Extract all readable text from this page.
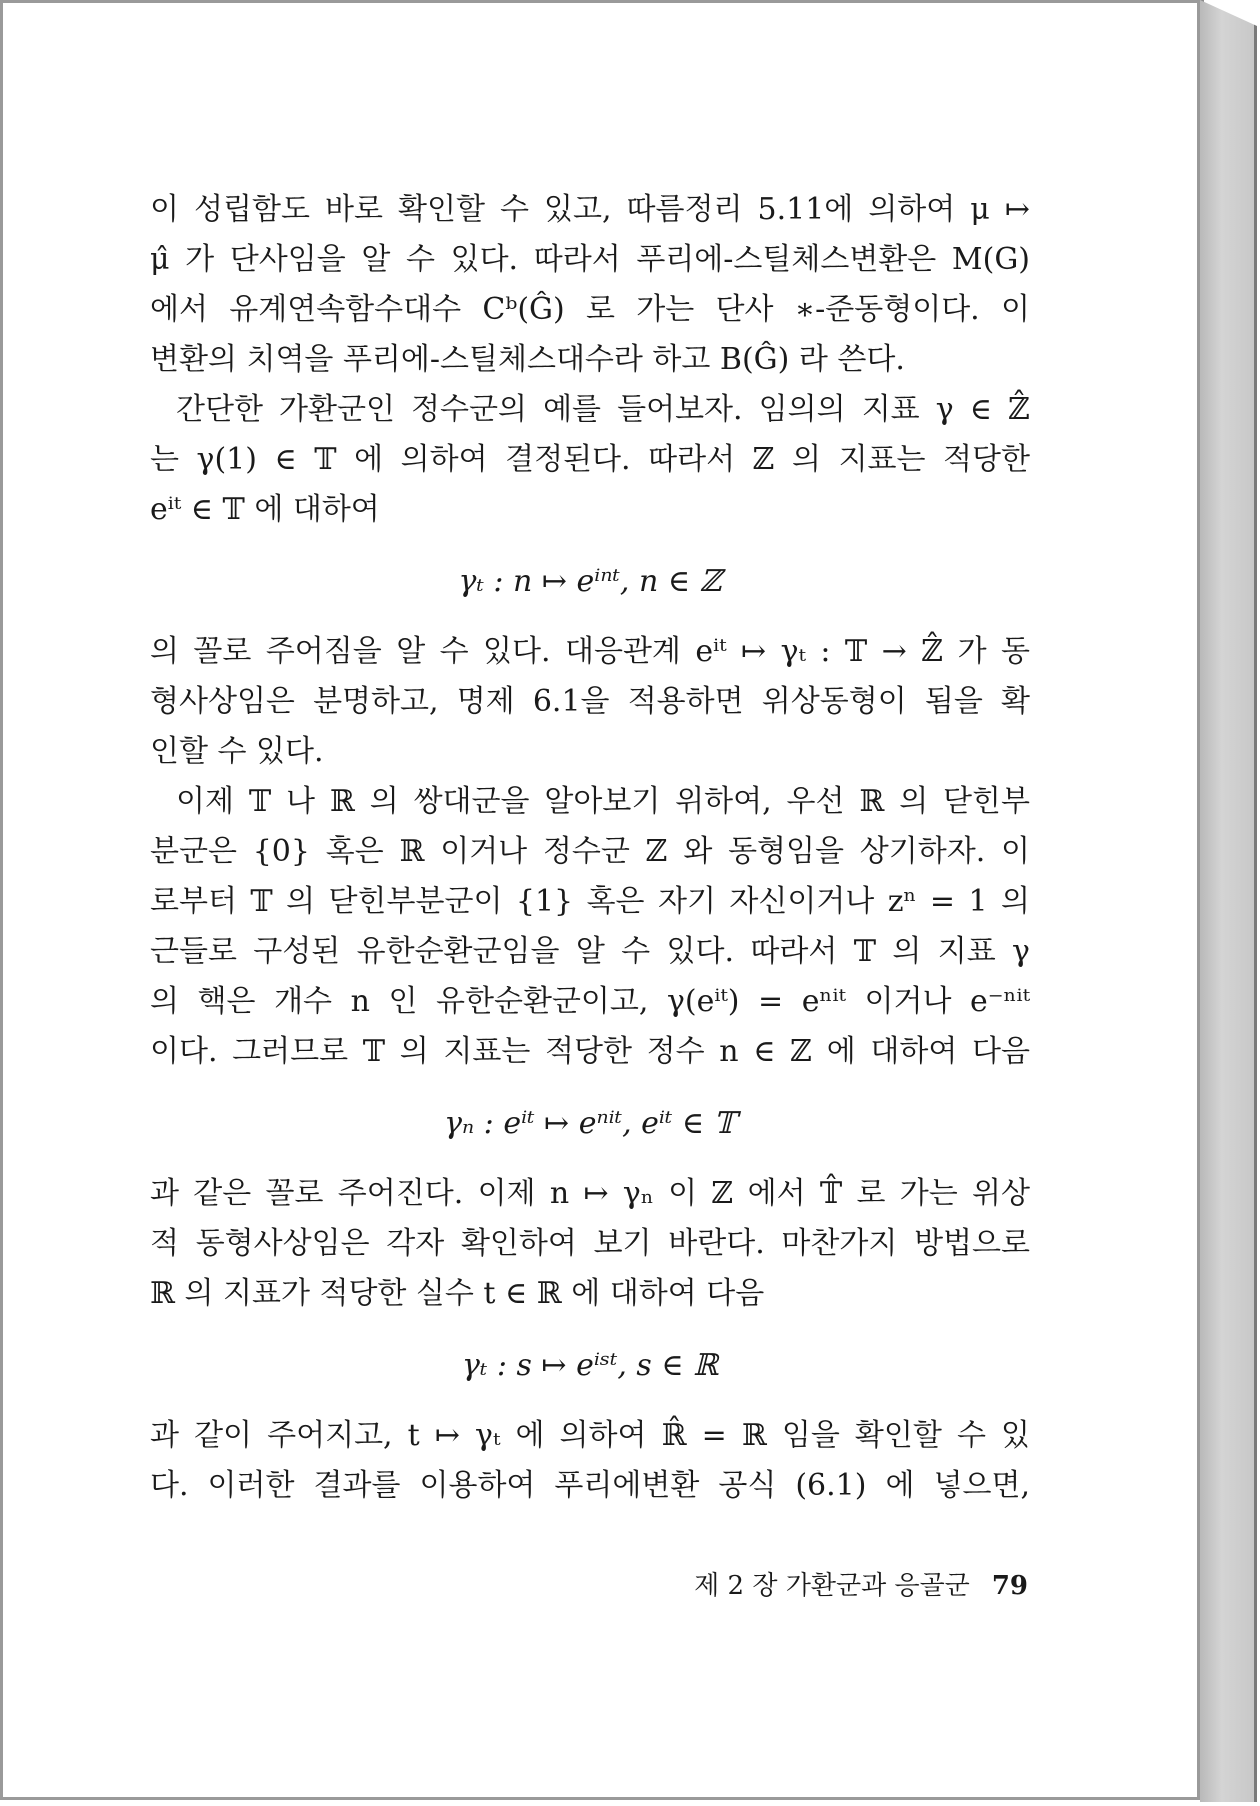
이 성립함도 바로 확인할 수 있고, 따름정리 5.11에 의하여 μ ↦
μ̂ 가 단사임을 알 수 있다. 따라서 푸리에-스틸체스변환은 M(G)
에서 유계연속함수대수 Cᵇ(Ĝ) 로 가는 단사 ∗-준동형이다. 이
변환의 치역을 푸리에-스틸체스대수라 하고 B(Ĝ) 라 쓴다.
간단한 가환군인 정수군의 예를 들어보자. 임의의 지표 γ ∈ ℤ̂
는 γ(1) ∈ 𝕋 에 의하여 결정된다. 따라서 ℤ 의 지표는 적당한
eⁱᵗ ∈ 𝕋 에 대하여
γₜ : n ↦ eⁱⁿᵗ, n ∈ ℤ
의 꼴로 주어짐을 알 수 있다. 대응관계 eⁱᵗ ↦ γₜ : 𝕋 → ℤ̂ 가 동
형사상임은 분명하고, 명제 6.1을 적용하면 위상동형이 됨을 확
인할 수 있다.
이제 𝕋 나 ℝ 의 쌍대군을 알아보기 위하여, 우선 ℝ 의 닫힌부
분군은 {0} 혹은 ℝ 이거나 정수군 ℤ 와 동형임을 상기하자. 이
로부터 𝕋 의 닫힌부분군이 {1} 혹은 자기 자신이거나 zⁿ = 1 의
근들로 구성된 유한순환군임을 알 수 있다. 따라서 𝕋 의 지표 γ
의 핵은 개수 n 인 유한순환군이고, γ(eⁱᵗ) = eⁿⁱᵗ 이거나 e⁻ⁿⁱᵗ
이다. 그러므로 𝕋 의 지표는 적당한 정수 n ∈ ℤ 에 대하여 다음
γₙ : eⁱᵗ ↦ eⁿⁱᵗ, eⁱᵗ ∈ 𝕋
과 같은 꼴로 주어진다. 이제 n ↦ γₙ 이 ℤ 에서 𝕋̂ 로 가는 위상
적 동형사상임은 각자 확인하여 보기 바란다. 마찬가지 방법으로
ℝ 의 지표가 적당한 실수 t ∈ ℝ 에 대하여 다음
γₜ : s ↦ eⁱˢᵗ, s ∈ ℝ
과 같이 주어지고, t ↦ γₜ 에 의하여 ℝ̂ = ℝ 임을 확인할 수 있
다. 이러한 결과를 이용하여 푸리에변환 공식 (6.1) 에 넣으면,
제 2 장 가환군과 응골군 79
